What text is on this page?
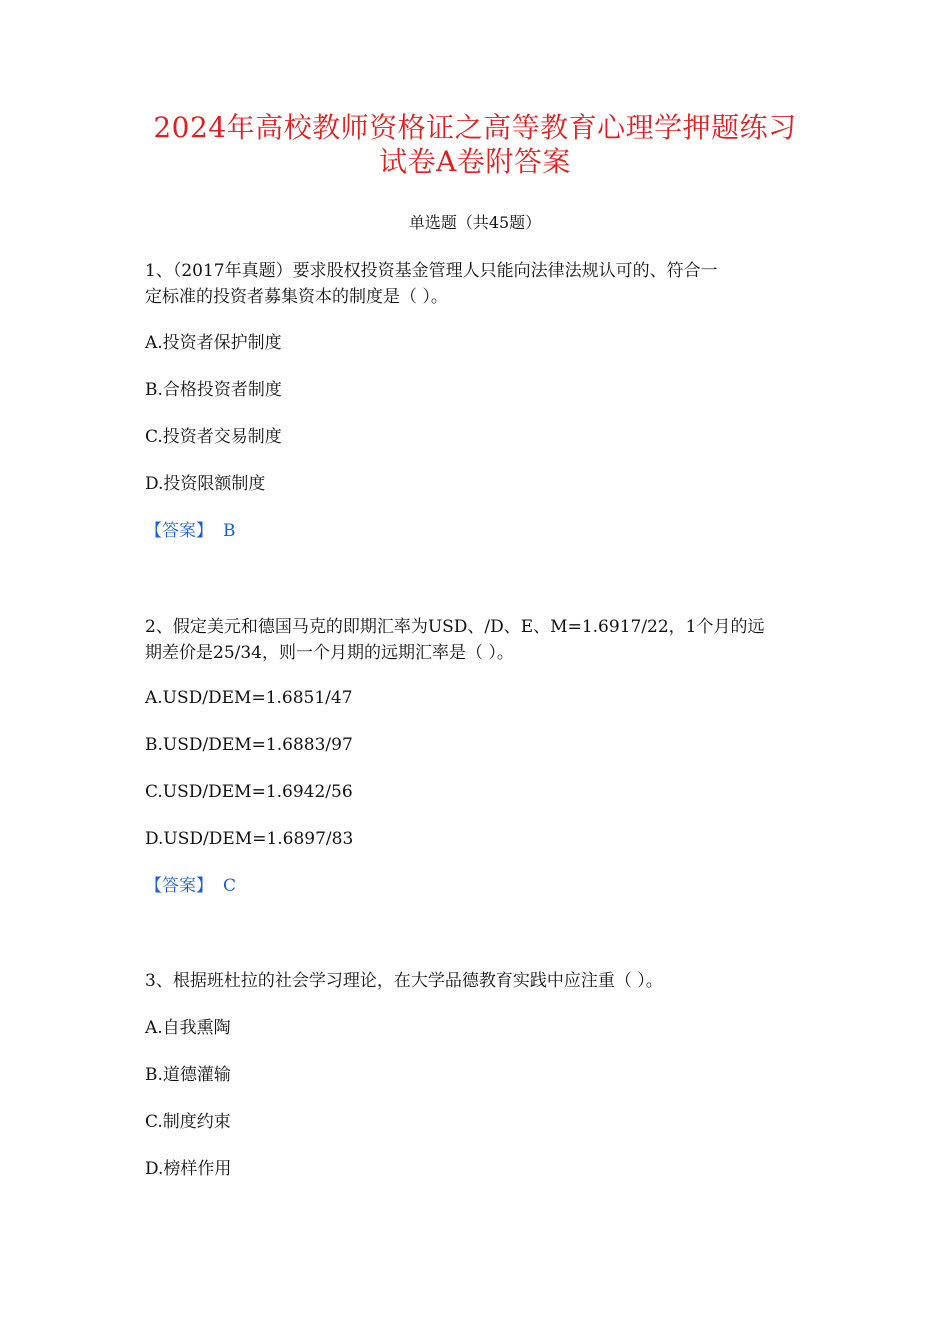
2024年高校教师资格证之高等教育心理学押题练习
试卷A卷附答案
单选题（共45题）
1、（2017年真题）要求股权投资基金管理人只能向法律法规认可的、符合一
定标准的投资者募集资本的制度是（ ）。
A.投资者保护制度
B.合格投资者制度
C.投资者交易制度
D.投资限额制度
【答案】 B
2、假定美元和德国马克的即期汇率为USD、/D、E、M=1.6917/22，1个月的远
期差价是25/34，则一个月期的远期汇率是（ ）。
A.USD/DEM=1.6851/47
B.USD/DEM=1.6883/97
C.USD/DEM=1.6942/56
D.USD/DEM=1.6897/83
【答案】 C
3、根据班杜拉的社会学习理论，在大学品德教育实践中应注重（ ）。
A.自我熏陶
B.道德灌输
C.制度约束
D.榜样作用
